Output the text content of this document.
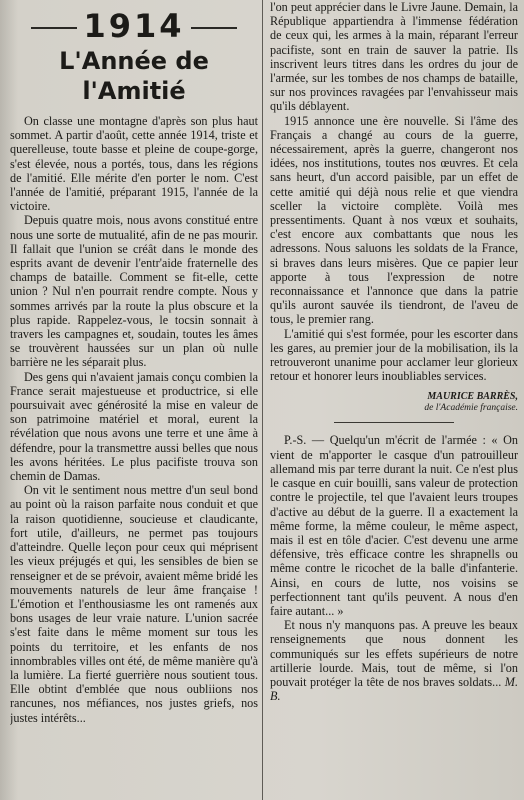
1914
L'Année de l'Amitié

On classe une montagne d'après son plus haut sommet. A partir d'août, cette année 1914, triste et querelleuse, toute basse et pleine de coupe-gorge, s'est élevée, nous a portés, tous, dans les régions de l'amitié. Elle mérite d'en porter le nom. C'est l'année de l'amitié, préparant 1915, l'année de la victoire.

Depuis quatre mois, nous avons constitué entre nous une sorte de mutualité, afin de ne pas mourir. Il fallait que l'union se créât dans le monde des esprits avant de devenir l'entr'aide fraternelle des champs de bataille. Comment se fit-elle, cette union ? Nul n'en pourrait rendre compte. Nous y sommes arrivés par la route la plus obscure et la plus rapide. Rappelez-vous, le tocsin sonnait à travers les campagnes et, soudain, toutes les âmes se trouvèrent haussées sur un plan où nulle barrière ne les séparait plus.

Des gens qui n'avaient jamais conçu combien la France serait majestueuse et productrice, si elle poursuivait avec générosité la mise en valeur de son patrimoine matériel et moral, eurent la révélation que nous avons une terre et une âme à défendre, pour la transmettre aussi belles que nous les avons héritées. Le plus pacifiste trouva son chemin de Damas.

On vit le sentiment nous mettre d'un seul bond au point où la raison parfaite nous conduit et que la raison quotidienne, soucieuse et claudicante, fort utile, d'ailleurs, ne permet pas toujours d'atteindre. Quelle leçon pour ceux qui méprisent les vieux préjugés et qui, les sensibles de bien se renseigner et de se prévoir, avaient même bridé les mouvements naturels de leur âme française ! L'émotion et l'enthousiasme les ont ramenés aux bons usages de leur vraie nature. L'union sacrée s'est faite dans le même moment sur tous les points du territoire, et les enfants de nos innombrables villes ont été, de même manière qu'à la lumière. La fierté guerrière nous soutient tous. Elle obtint d'emblée que nous oubliions nos rancunes, nos méfiances, nos justes griefs, nos justes intérêts...

l'on peut apprécier dans le Livre Jaune. Demain, la République appartiendra à l'immense fédération de ceux qui, les armes à la main, réparant l'erreur pacifiste, sont en train de sauver la patrie. Ils inscrivent leurs titres dans les ordres du jour de l'armée, sur les tombes de nos champs de bataille, sur nos provinces ravagées par l'envahisseur mais qu'ils déblayent.

1915 annonce une ère nouvelle. Si l'âme des Français a changé au cours de la guerre, nécessairement, après la guerre, changeront nos idées, nos institutions, toutes nos œuvres. Et cela sans heurt, d'un accord paisible, par un effet de cette amitié qui déjà nous relie et que viendra sceller la victoire complète. Voilà mes pressentiments. Quant à nos vœux et souhaits, c'est encore aux combattants que nous les adressons. Nous saluons les soldats de la France, si braves dans leurs misères. Que ce papier leur apporte à tous l'expression de notre reconnaissance et l'annonce que dans la patrie qu'ils auront sauvée ils tiendront, de l'aveu de tous, le premier rang.

L'amitié qui s'est formée, pour les escorter dans les gares, au premier jour de la mobilisation, ils la retrouveront unanime pour acclamer leur glorieux retour et honorer leurs inoubliables services.

MAURICE BARRÈS,
de l'Académie française.

P.-S. — Quelqu'un m'écrit de l'armée : « On vient de m'apporter le casque d'un patrouilleur allemand mis par terre durant la nuit. Ce n'est plus le casque en cuir bouilli, sans valeur de protection contre le projectile, tel que l'avaient leurs troupes d'active au début de la guerre. Il a exactement la même forme, la même couleur, le même aspect, mais il est en tôle d'acier. C'est devenu une arme défensive, très efficace contre les shrapnells ou même contre le ricochet de la balle d'infanterie. Ainsi, en cours de lutte, nos voisins se perfectionnent tant qu'ils peuvent. A nous d'en faire autant... »

Et nous n'y manquons pas. A preuve les beaux renseignements que nous donnent les communiqués sur les effets supérieurs de notre artillerie lourde. Mais, tout de même, si l'on pouvait protéger la tête de nos braves soldats... M. B.
